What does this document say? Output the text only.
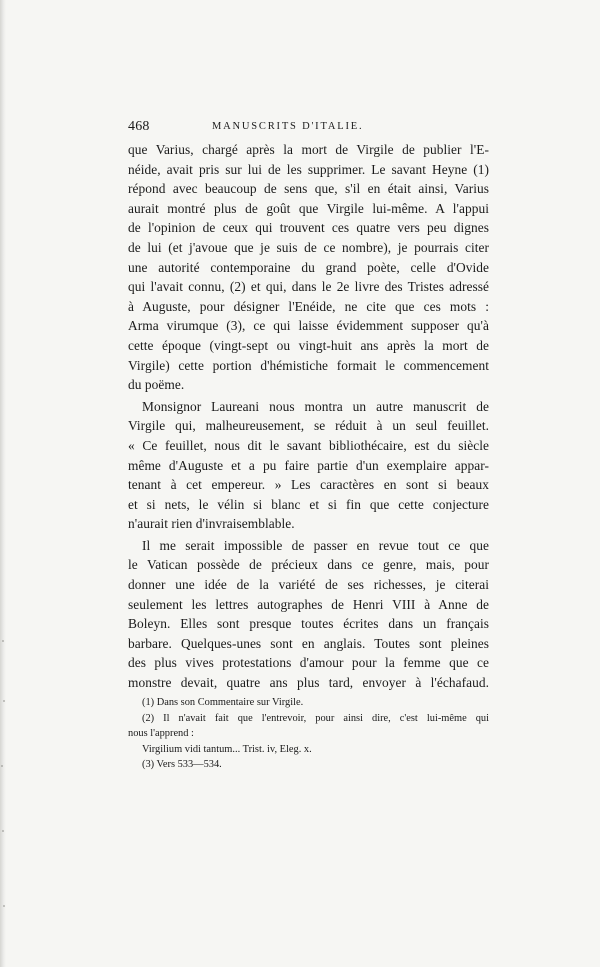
468	MANUSCRITS D'ITALIE.
que Varius, chargé après la mort de Virgile de publier l'E-
néide, avait pris sur lui de les supprimer. Le savant Heyne (1)
répond avec beaucoup de sens que, s'il en était ainsi, Varius
aurait montré plus de goût que Virgile lui-même. A l'appui
de l'opinion de ceux qui trouvent ces quatre vers peu dignes
de lui (et j'avoue que je suis de ce nombre), je pourrais citer
une autorité contemporaine du grand poète, celle d'Ovide
qui l'avait connu, (2) et qui, dans le 2e livre des Tristes adressé
à Auguste, pour désigner l'Enéide, ne cite que ces mots :
Arma virumque (3), ce qui laisse évidemment supposer qu'à
cette époque (vingt-sept ou vingt-huit ans après la mort de
Virgile) cette portion d'hémistiche formait le commencement
du poëme.
Monsignor Laureani nous montra un autre manuscrit de
Virgile qui, malheureusement, se réduit à un seul feuillet.
« Ce feuillet, nous dit le savant bibliothécaire, est du siècle
même d'Auguste et a pu faire partie d'un exemplaire appar-
tenant à cet empereur. » Les caractères en sont si beaux
et si nets, le vélin si blanc et si fin que cette conjecture
n'aurait rien d'invraisemblable.
Il me serait impossible de passer en revue tout ce que
le Vatican possède de précieux dans ce genre, mais, pour
donner une idée de la variété de ses richesses, je citerai
seulement les lettres autographes de Henri VIII à Anne de
Boleyn. Elles sont presque toutes écrites dans un français
barbare. Quelques-unes sont en anglais. Toutes sont pleines
des plus vives protestations d'amour pour la femme que ce
monstre devait, quatre ans plus tard, envoyer à l'échafaud.
(1) Dans son Commentaire sur Virgile.
(2) Il n'avait fait que l'entrevoir, pour ainsi dire, c'est lui-même qui
nous l'apprend :
Virgilium vidi tantum... Trist. iv, Eleg. x.
(3) Vers 533—534.
